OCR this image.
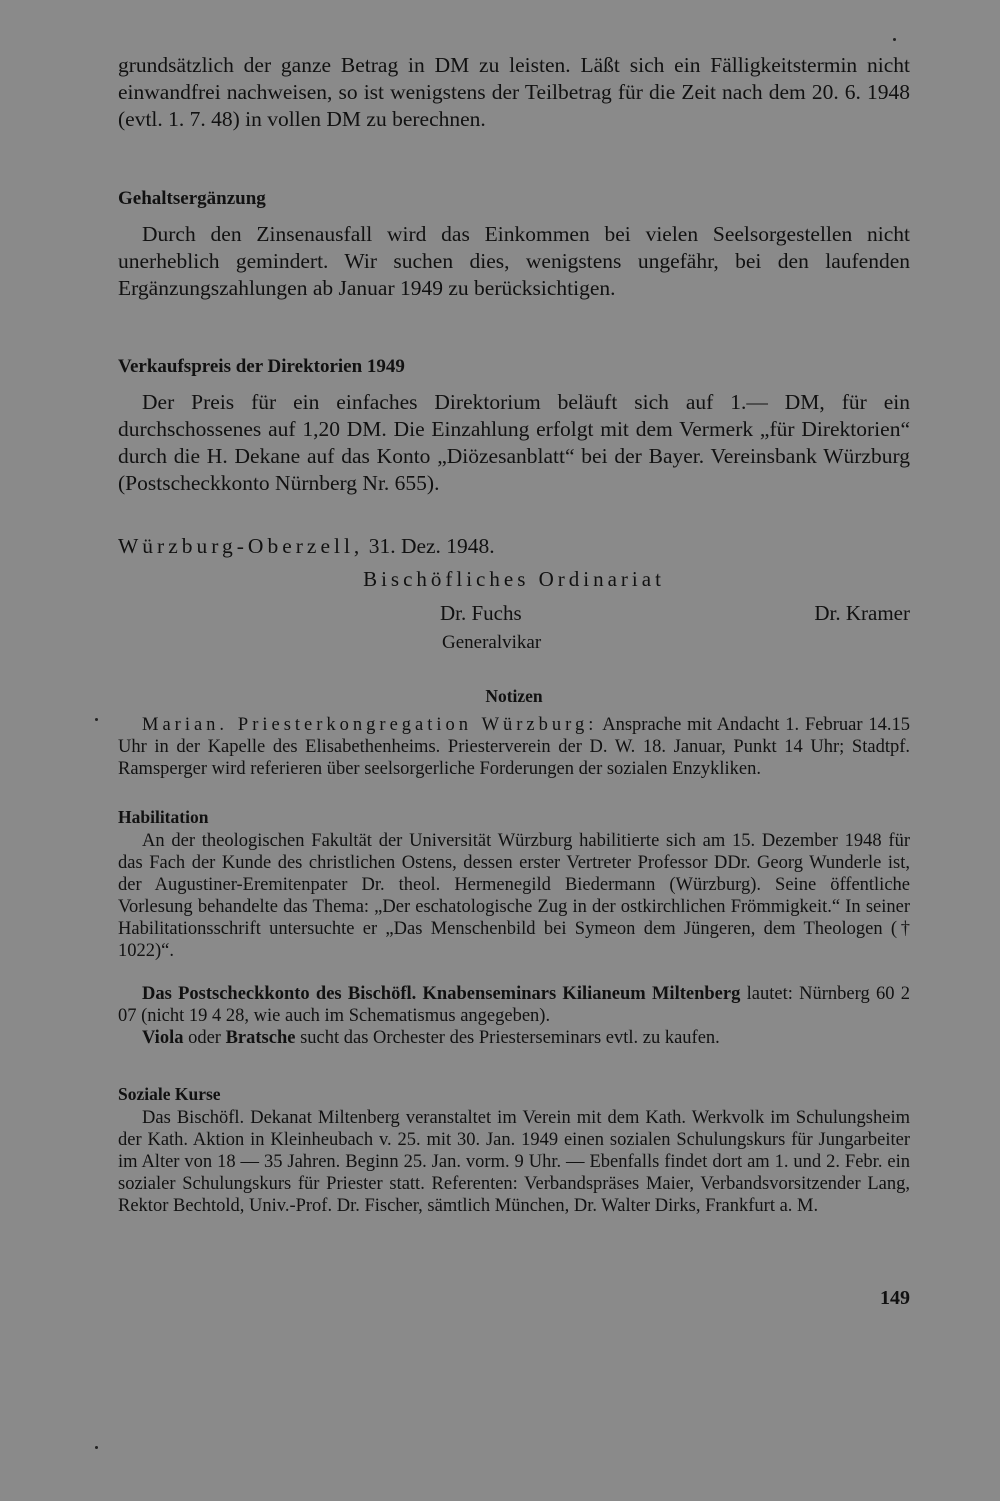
grundsätzlich der ganze Betrag in DM zu leisten. Läßt sich ein Fälligkeitstermin nicht einwandfrei nachweisen, so ist wenigstens der Teilbetrag für die Zeit nach dem 20. 6. 1948 (evtl. 1. 7. 48) in vollen DM zu berechnen.

Gehaltsergänzung

Durch den Zinsenausfall wird das Einkommen bei vielen Seelsorgestellen nicht unerheblich gemindert. Wir suchen dies, wenigstens ungefähr, bei den laufenden Ergänzungszahlungen ab Januar 1949 zu berücksichtigen.

Verkaufspreis der Direktorien 1949

Der Preis für ein einfaches Direktorium beläuft sich auf 1.— DM, für ein durchschossenes auf 1,20 DM. Die Einzahlung erfolgt mit dem Vermerk „für Direktorien“ durch die H. Dekane auf das Konto „Diözesanblatt“ bei der Bayer. Vereinsbank Würzburg (Postscheckkonto Nürnberg Nr. 655).

Würzburg-Oberzell, 31. Dez. 1948.

Bischöfliches Ordinariat
Dr. Fuchs	Dr. Kramer
Generalvikar

Notizen

Marian. Priesterkongregation Würzburg: Ansprache mit Andacht 1. Februar 14.15 Uhr in der Kapelle des Elisabethenheims. Priesterverein der D. W. 18. Januar, Punkt 14 Uhr; Stadtpf. Ramsperger wird referieren über seelsorgerliche Forderungen der sozialen Enzykliken.

Habilitation

An der theologischen Fakultät der Universität Würzburg habilitierte sich am 15. Dezember 1948 für das Fach der Kunde des christlichen Ostens, dessen erster Vertreter Professor DDr. Georg Wunderle ist, der Augustiner-Eremitenpater Dr. theol. Hermenegild Biedermann (Würzburg). Seine öffentliche Vorlesung behandelte das Thema: „Der eschatologische Zug in der ostkirchlichen Frömmigkeit.“ In seiner Habilitationsschrift untersuchte er „Das Menschenbild bei Symeon dem Jüngeren, dem Theologen († 1022)“.

Das Postscheckkonto des Bischöfl. Knabenseminars Kilianeum Miltenberg lautet: Nürnberg 60 2 07 (nicht 19 4 28, wie auch im Schematismus angegeben).

Viola oder Bratsche sucht das Orchester des Priesterseminars evtl. zu kaufen.

Soziale Kurse

Das Bischöfl. Dekanat Miltenberg veranstaltet im Verein mit dem Kath. Werkvolk im Schulungsheim der Kath. Aktion in Kleinheubach v. 25. mit 30. Jan. 1949 einen sozialen Schulungskurs für Jungarbeiter im Alter von 18 — 35 Jahren. Beginn 25. Jan. vorm. 9 Uhr. — Ebenfalls findet dort am 1. und 2. Febr. ein sozialer Schulungskurs für Priester statt. Referenten: Verbandspräses Maier, Verbandsvorsitzender Lang, Rektor Bechtold, Univ.-Prof. Dr. Fischer, sämtlich München, Dr. Walter Dirks, Frankfurt a. M.

149
